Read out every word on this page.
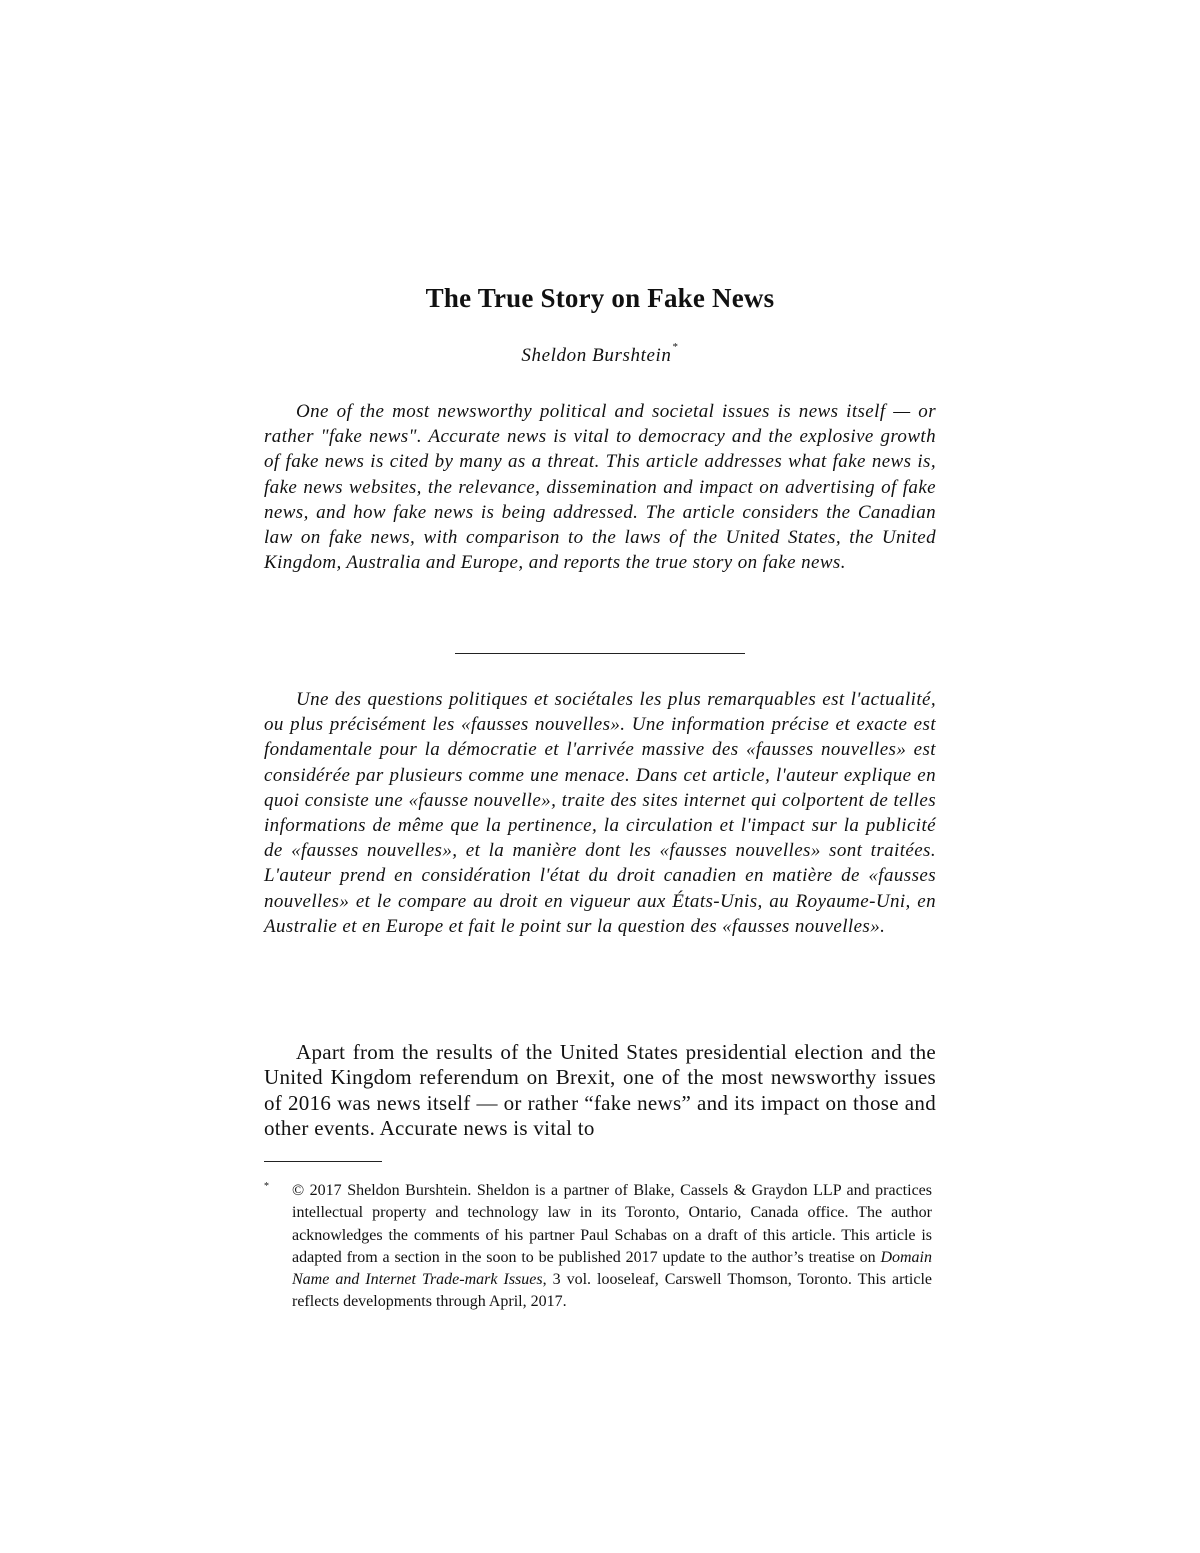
The True Story on Fake News
Sheldon Burshtein*

One of the most newsworthy political and societal issues is news itself — or rather "fake news". Accurate news is vital to democracy and the explosive growth of fake news is cited by many as a threat. This article addresses what fake news is, fake news websites, the relevance, dissemination and impact on advertising of fake news, and how fake news is being addressed. The article considers the Canadian law on fake news, with comparison to the laws of the United States, the United Kingdom, Australia and Europe, and reports the true story on fake news.

Une des questions politiques et sociétales les plus remarquables est l'actualité, ou plus précisément les «fausses nouvelles». Une information précise et exacte est fondamentale pour la démocratie et l'arrivée massive des «fausses nouvelles» est considérée par plusieurs comme une menace. Dans cet article, l'auteur explique en quoi consiste une «fausse nouvelle», traite des sites internet qui colportent de telles informations de même que la pertinence, la circulation et l'impact sur la publicité de «fausses nouvelles», et la manière dont les «fausses nouvelles» sont traitées. L'auteur prend en considération l'état du droit canadien en matière de «fausses nouvelles» et le compare au droit en vigueur aux États-Unis, au Royaume-Uni, en Australie et en Europe et fait le point sur la question des «fausses nouvelles».

Apart from the results of the United States presidential election and the United Kingdom referendum on Brexit, one of the most newsworthy issues of 2016 was news itself — or rather “fake news” and its impact on those and other events. Accurate news is vital to

* © 2017 Sheldon Burshtein. Sheldon is a partner of Blake, Cassels & Graydon LLP and practices intellectual property and technology law in its Toronto, Ontario, Canada office. The author acknowledges the comments of his partner Paul Schabas on a draft of this article. This article is adapted from a section in the soon to be published 2017 update to the author’s treatise on Domain Name and Internet Trade-mark Issues, 3 vol. looseleaf, Carswell Thomson, Toronto. This article reflects developments through April, 2017.
